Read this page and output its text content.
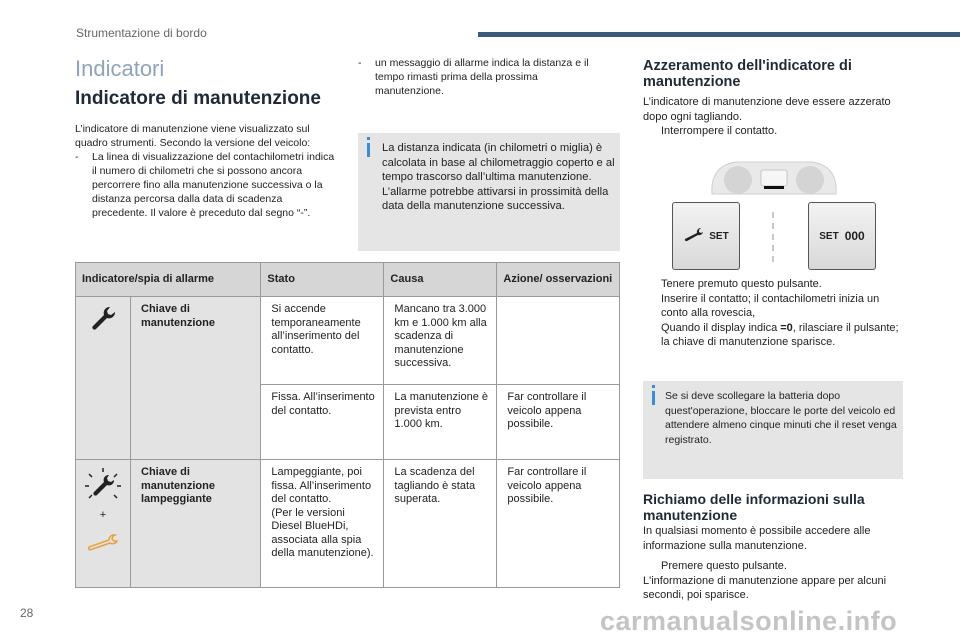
Strumentazione di bordo
Indicatori
Indicatore di manutenzione
L’indicatore di manutenzione viene visualizzato sul quadro strumenti. Secondo la versione del veicolo:
- La linea di visualizzazione del contachilometri indica il numero di chilometri che si possono ancora percorrere fino alla manutenzione successiva o la distanza percorsa dalla data di scadenza precedente. Il valore è preceduto dal segno “-”.
- un messaggio di allarme indica la distanza e il tempo rimasti prima della prossima manutenzione.
La distanza indicata (in chilometri o miglia) è calcolata in base al chilometraggio coperto e al tempo trascorso dall’ultima manutenzione.
L’allarme potrebbe attivarsi in prossimità della data della manutenzione successiva.
Indicatore/spia di allarme		Stato	Causa	Azione/ osservazioni
	Chiave di manutenzione	Si accende temporaneamente all’inserimento del contatto.	Mancano tra 3.000 km e 1.000 km alla scadenza di manutenzione successiva.	
		Fissa. All’inserimento del contatto.	La manutenzione è prevista entro 1.000 km.	Far controllare il veicolo appena possibile.

+	Chiave di manutenzione lampeggiante	Lampeggiante, poi fissa. All’inserimento del contatto.
(Per le versioni Diesel BlueHDi, associata alla spia della manutenzione).	La scadenza del tagliando è stata superata.	Far controllare il veicolo appena possibile.
Azzeramento dell'indicatore di manutenzione
L’indicatore di manutenzione deve essere azzerato dopo ogni tagliando.
Interrompere il contatto.
SET	SET 000
Tenere premuto questo pulsante.
Inserire il contatto; il contachilometri inizia un conto alla rovescia,
Quando il display indica =0, rilasciare il pulsante; la chiave di manutenzione sparisce.
Se si deve scollegare la batteria dopo quest'operazione, bloccare le porte del veicolo ed attendere almeno cinque minuti che il reset venga registrato.
Richiamo delle informazioni sulla manutenzione
In qualsiasi momento è possibile accedere alle informazione sulla manutenzione.
Premere questo pulsante.
L'informazione di manutenzione appare per alcuni secondi, poi sparisce.
28	carmanualsonline.info
